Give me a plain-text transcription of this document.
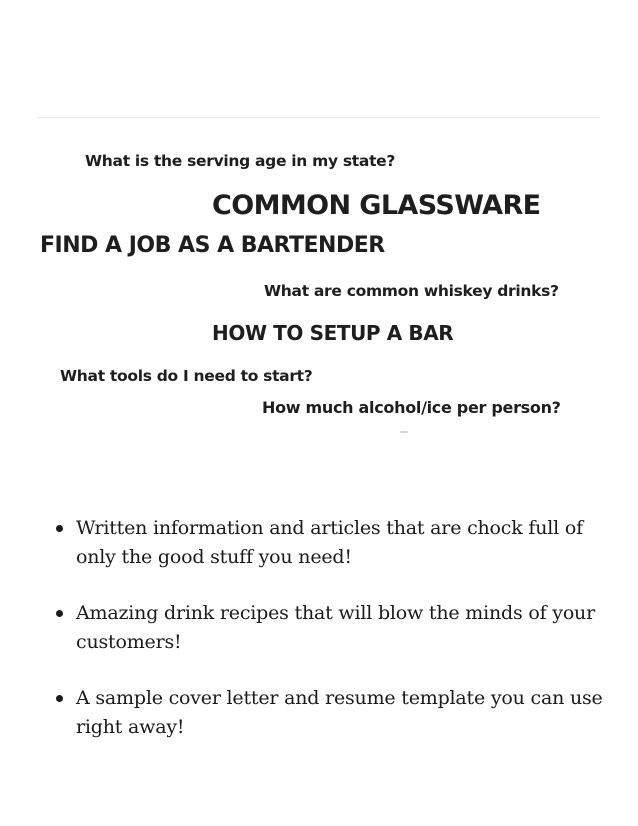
What is the serving age in my state?
COMMON GLASSWARE
FIND A JOB AS A BARTENDER
What are common whiskey drinks?
HOW TO SETUP A BAR
What tools do I need to start?
How much alcohol/ice per person?
Written information and articles that are chock full of only the good stuff you need!
Amazing drink recipes that will blow the minds of your customers!
A sample cover letter and resume template you can use right away!
